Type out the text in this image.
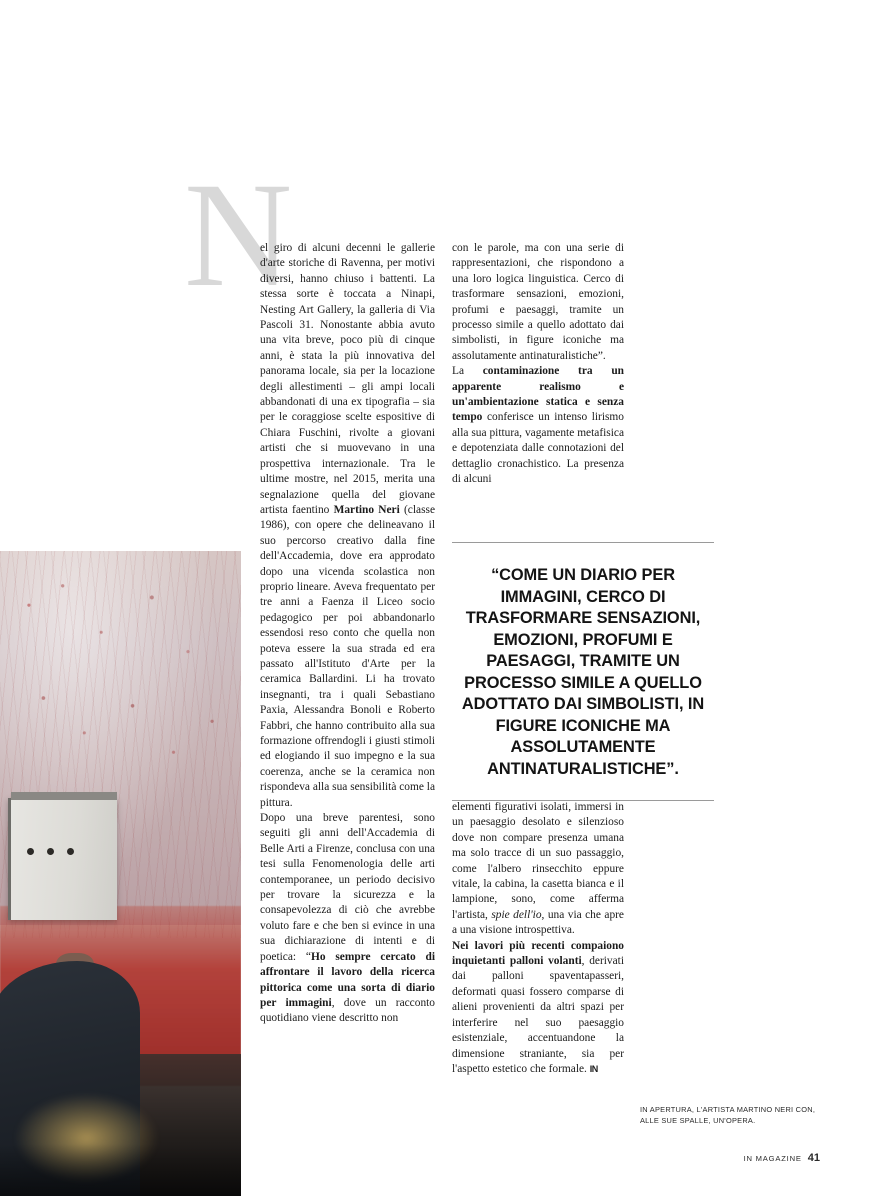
N

el giro di alcuni decenni le gallerie d'arte storiche di Ravenna, per motivi diversi, hanno chiuso i battenti. La stessa sorte è toccata a Ninapi, Nesting Art Gallery, la galleria di Via Pascoli 31. Nonostante abbia avuto una vita breve, poco più di cinque anni, è stata la più innovativa del panorama locale, sia per la locazione degli allestimenti – gli ampi locali abbandonati di una ex tipografia – sia per le coraggiose scelte espositive di Chiara Fuschini, rivolte a giovani artisti che si muovevano in una prospettiva internazionale. Tra le ultime mostre, nel 2015, merita una segnalazione quella del giovane artista faentino Martino Neri (classe 1986), con opere che delineavano il suo percorso creativo dalla fine dell'Accademia, dove era approdato dopo una vicenda scolastica non proprio lineare. Aveva frequentato per tre anni a Faenza il Liceo socio pedagogico per poi abbandonarlo essendosi reso conto che quella non poteva essere la sua strada ed era passato all'Istituto d'Arte per la ceramica Ballardini. Li ha trovato insegnanti, tra i quali Sebastiano Paxia, Alessandra Bonoli e Roberto Fabbri, che hanno contribuito alla sua formazione offrendogli i giusti stimoli ed elogiando il suo impegno e la sua coerenza, anche se la ceramica non rispondeva alla sua sensibilità come la pittura.

Dopo una breve parentesi, sono seguiti gli anni dell'Accademia di Belle Arti a Firenze, conclusa con una tesi sulla Fenomenologia delle arti contemporanee, un periodo decisivo per trovare la sicurezza e la consapevolezza di ciò che avrebbe voluto fare e che ben si evince in una sua dichiarazione di intenti e di poetica: “Ho sempre cercato di affrontare il lavoro della ricerca pittorica come una sorta di diario per immagini, dove un racconto quotidiano viene descritto non

con le parole, ma con una serie di rappresentazioni, che rispondono a una loro logica linguistica. Cerco di trasformare sensazioni, emozioni, profumi e paesaggi, tramite un processo simile a quello adottato dai simbolisti, in figure iconiche ma assolutamente antinaturalistiche”.

La contaminazione tra un apparente realismo e un'ambientazione statica e senza tempo conferisce un intenso lirismo alla sua pittura, vagamente metafisica e depotenziata dalle connotazioni del dettaglio cronachistico. La presenza di alcuni

elementi figurativi isolati, immersi in un paesaggio desolato e silenzioso dove non compare presenza umana ma solo tracce di un suo passaggio, come l'albero rinsecchito eppure vitale, la cabina, la casetta bianca e il lampione, sono, come afferma l'artista, spie dell'io, una via che apre a una visione introspettiva.

Nei lavori più recenti compaiono inquietanti palloni volanti, derivati dai palloni spaventapasseri, deformati quasi fossero comparse di alieni provenienti da altri spazi per interferire nel suo paesaggio esistenziale, accentuandone la dimensione straniante, sia per l'aspetto estetico che formale. IN

“COME UN DIARIO PER IMMAGINI, CERCO DI TRASFORMARE SENSAZIONI, EMOZIONI, PROFUMI E PAESAGGI, TRAMITE UN PROCESSO SIMILE A QUELLO ADOTTATO DAI SIMBOLISTI, IN FIGURE ICONICHE MA ASSOLUTAMENTE ANTINATURALISTICHE”.
IN APERTURA, L'ARTISTA MARTINO NERI CON, ALLE SUE SPALLE, UN'OPERA.
IN MAGAZINE 41
